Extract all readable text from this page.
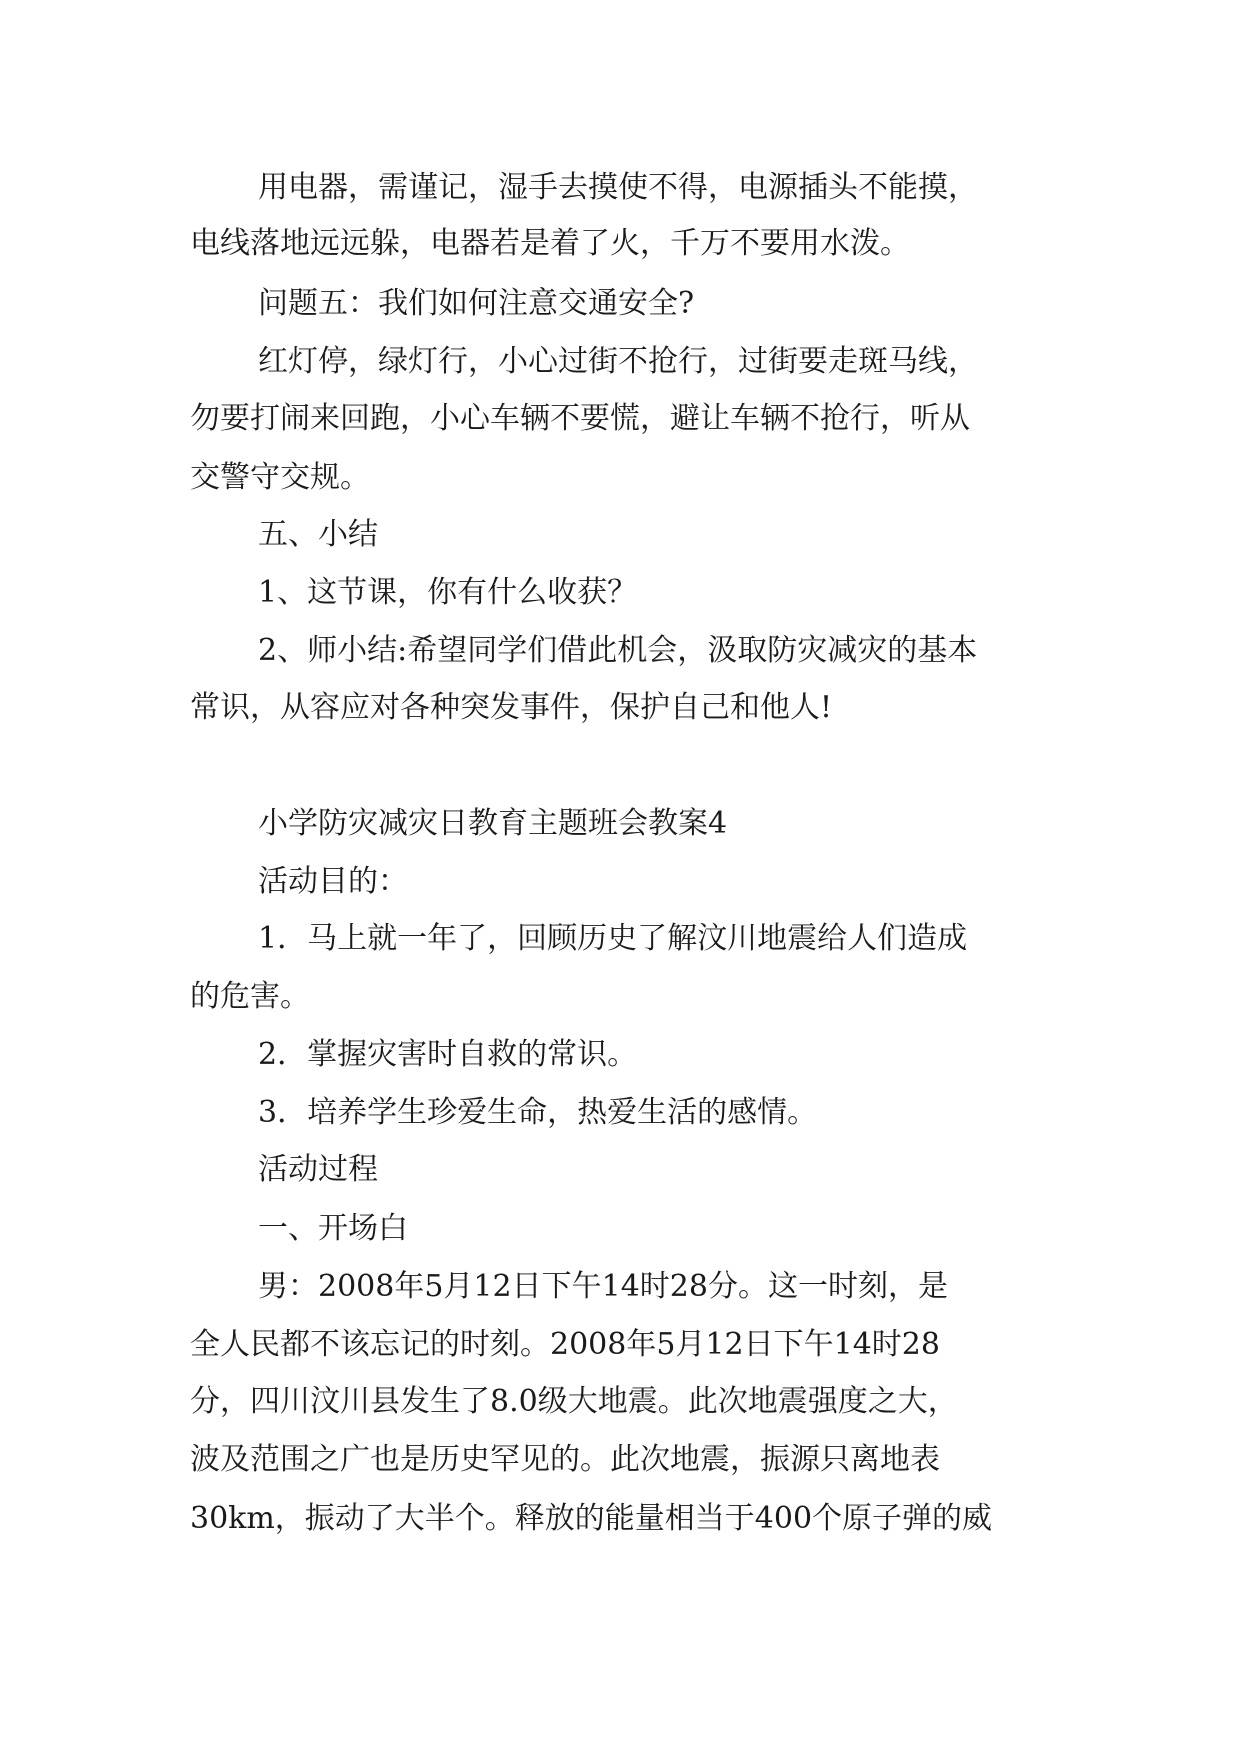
用电器，需谨记，湿手去摸使不得，电源插头不能摸，
电线落地远远躲，电器若是着了火，千万不要用水泼。
问题五：我们如何注意交通安全?
红灯停，绿灯行，小心过街不抢行，过街要走斑马线，
勿要打闹来回跑，小心车辆不要慌，避让车辆不抢行，听从
交警守交规。
五、小结
1、这节课，你有什么收获？
2、师小结:希望同学们借此机会，汲取防灾减灾的基本
常识，从容应对各种突发事件，保护自己和他人!
小学防灾减灾日教育主题班会教案4
活动目的：
1．马上就一年了，回顾历史了解汶川地震给人们造成
的危害。
2．掌握灾害时自救的常识。
3．培养学生珍爱生命，热爱生活的感情。
活动过程
一、开场白
男：2008年5月12日下午14时28分。这一时刻，是
全人民都不该忘记的时刻。2008年5月12日下午14时28
分，四川汶川县发生了8.0级大地震。此次地震强度之大，
波及范围之广也是历史罕见的。此次地震，振源只离地表
30km，振动了大半个。释放的能量相当于400个原子弹的威
